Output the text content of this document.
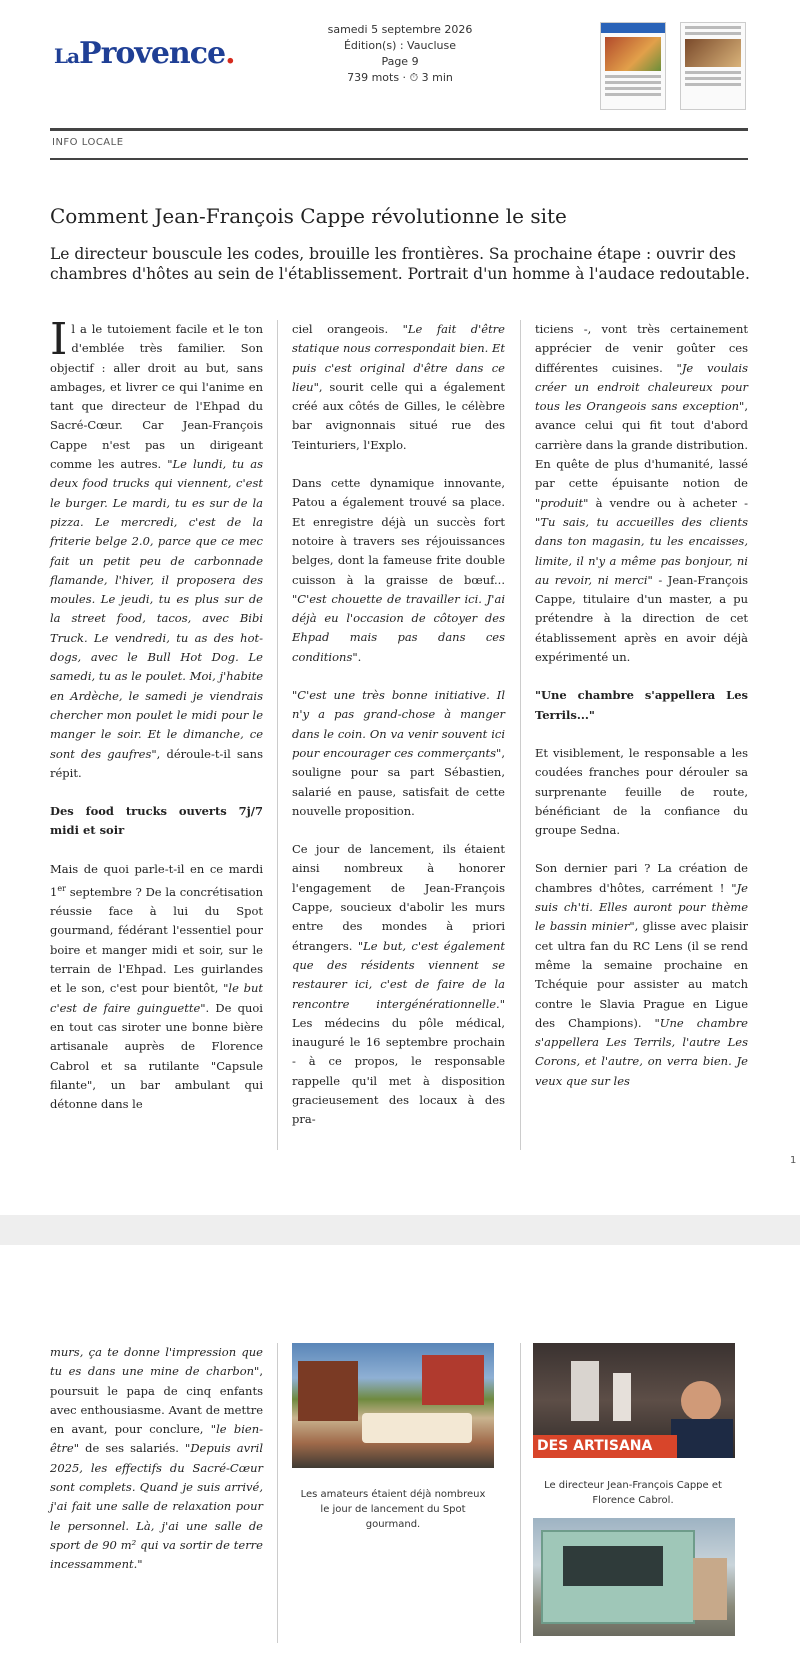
LaProvence.
samedi 5 septembre 2026
Édition(s) : Vaucluse
Page 9
739 mots · ⏱ 3 min
INFO LOCALE
Comment Jean-François Cappe révolutionne le site

Le directeur bouscule les codes, brouille les frontières. Sa prochaine étape : ouvrir des chambres d'hôtes au sein de l'établissement. Portrait d'un homme à l'audace redoutable.

Il a le tutoiement facile et le ton d'emblée très familier. Son objectif : aller droit au but, sans ambages, et livrer ce qui l'anime en tant que directeur de l'Ehpad du Sacré-Cœur. Car Jean-François Cappe n'est pas un dirigeant comme les autres. "Le lundi, tu as deux food trucks qui viennent, c'est le burger. Le mardi, tu es sur de la pizza. Le mercredi, c'est de la friterie belge 2.0, parce que ce mec fait un petit peu de carbonnade flamande, l'hiver, il proposera des moules. Le jeudi, tu es plus sur de la street food, tacos, avec Bibi Truck. Le vendredi, tu as des hot-dogs, avec le Bull Hot Dog. Le samedi, tu as le poulet. Moi, j'habite en Ardèche, le samedi je viendrais chercher mon poulet le midi pour le manger le soir. Et le dimanche, ce sont des gaufres", déroule-t-il sans répit.

Des food trucks ouverts 7j/7 midi et soir

Mais de quoi parle-t-il en ce mardi 1er septembre ? De la concrétisation réussie face à lui du Spot gourmand, fédérant l'essentiel pour boire et manger midi et soir, sur le terrain de l'Ehpad. Les guirlandes et le son, c'est pour bientôt, "le but c'est de faire guinguette". De quoi en tout cas siroter une bonne bière artisanale auprès de Florence Cabrol et sa rutilante "Capsule filante", un bar ambulant qui détonne dans le

ciel orangeois. "Le fait d'être statique nous correspondait bien. Et puis c'est original d'être dans ce lieu", sourit celle qui a également créé aux côtés de Gilles, le célèbre bar avignonnais situé rue des Teinturiers, l'Explo.

Dans cette dynamique innovante, Patou a également trouvé sa place. Et enregistre déjà un succès fort notoire à travers ses réjouissances belges, dont la fameuse frite double cuisson à la graisse de bœuf... "C'est chouette de travailler ici. J'ai déjà eu l'occasion de côtoyer des Ehpad mais pas dans ces conditions".

"C'est une très bonne initiative. Il n'y a pas grand-chose à manger dans le coin. On va venir souvent ici pour encourager ces commerçants", souligne pour sa part Sébastien, salarié en pause, satisfait de cette nouvelle proposition.

Ce jour de lancement, ils étaient ainsi nombreux à honorer l'engagement de Jean-François Cappe, soucieux d'abolir les murs entre des mondes à priori étrangers. "Le but, c'est également que des résidents viennent se restaurer ici, c'est de faire de la rencontre intergénérationnelle." Les médecins du pôle médical, inauguré le 16 septembre prochain - à ce propos, le responsable rappelle qu'il met à disposition gracieusement des locaux à des pra-

ticiens -, vont très certainement apprécier de venir goûter ces différentes cuisines. "Je voulais créer un endroit chaleureux pour tous les Orangeois sans exception", avance celui qui fit tout d'abord carrière dans la grande distribution. En quête de plus d'humanité, lassé par cette épuisante notion de "produit" à vendre ou à acheter - "Tu sais, tu accueilles des clients dans ton magasin, tu les encaisses, limite, il n'y a même pas bonjour, ni au revoir, ni merci" - Jean-François Cappe, titulaire d'un master, a pu prétendre à la direction de cet établissement après en avoir déjà expérimenté un.

"Une chambre s'appellera Les Terrils..."

Et visiblement, le responsable a les coudées franches pour dérouler sa surprenante feuille de route, bénéficiant de la confiance du groupe Sedna.

Son dernier pari ? La création de chambres d'hôtes, carrément ! "Je suis ch'ti. Elles auront pour thème le bassin minier", glisse avec plaisir cet ultra fan du RC Lens (il se rend même la semaine prochaine en Tchéquie pour assister au match contre le Slavia Prague en Ligue des Champions). "Une chambre s'appellera Les Terrils, l'autre Les Corons, et l'autre, on verra bien. Je veux que sur les

1
murs, ça te donne l'impression que tu es dans une mine de charbon", poursuit le papa de cinq enfants avec enthousiasme. Avant de mettre en avant, pour conclure, "le bien-être" de ses salariés. "Depuis avril 2025, les effectifs du Sacré-Cœur sont complets. Quand je suis arrivé, j'ai fait une salle de relaxation pour le personnel. Là, j'ai une salle de sport de 90 m² qui va sortir de terre incessamment."
Les amateurs étaient déjà nombreux le jour de lancement du Spot gourmand.
DES ARTISANA
Le directeur Jean-François Cappe et Florence Cabrol.
